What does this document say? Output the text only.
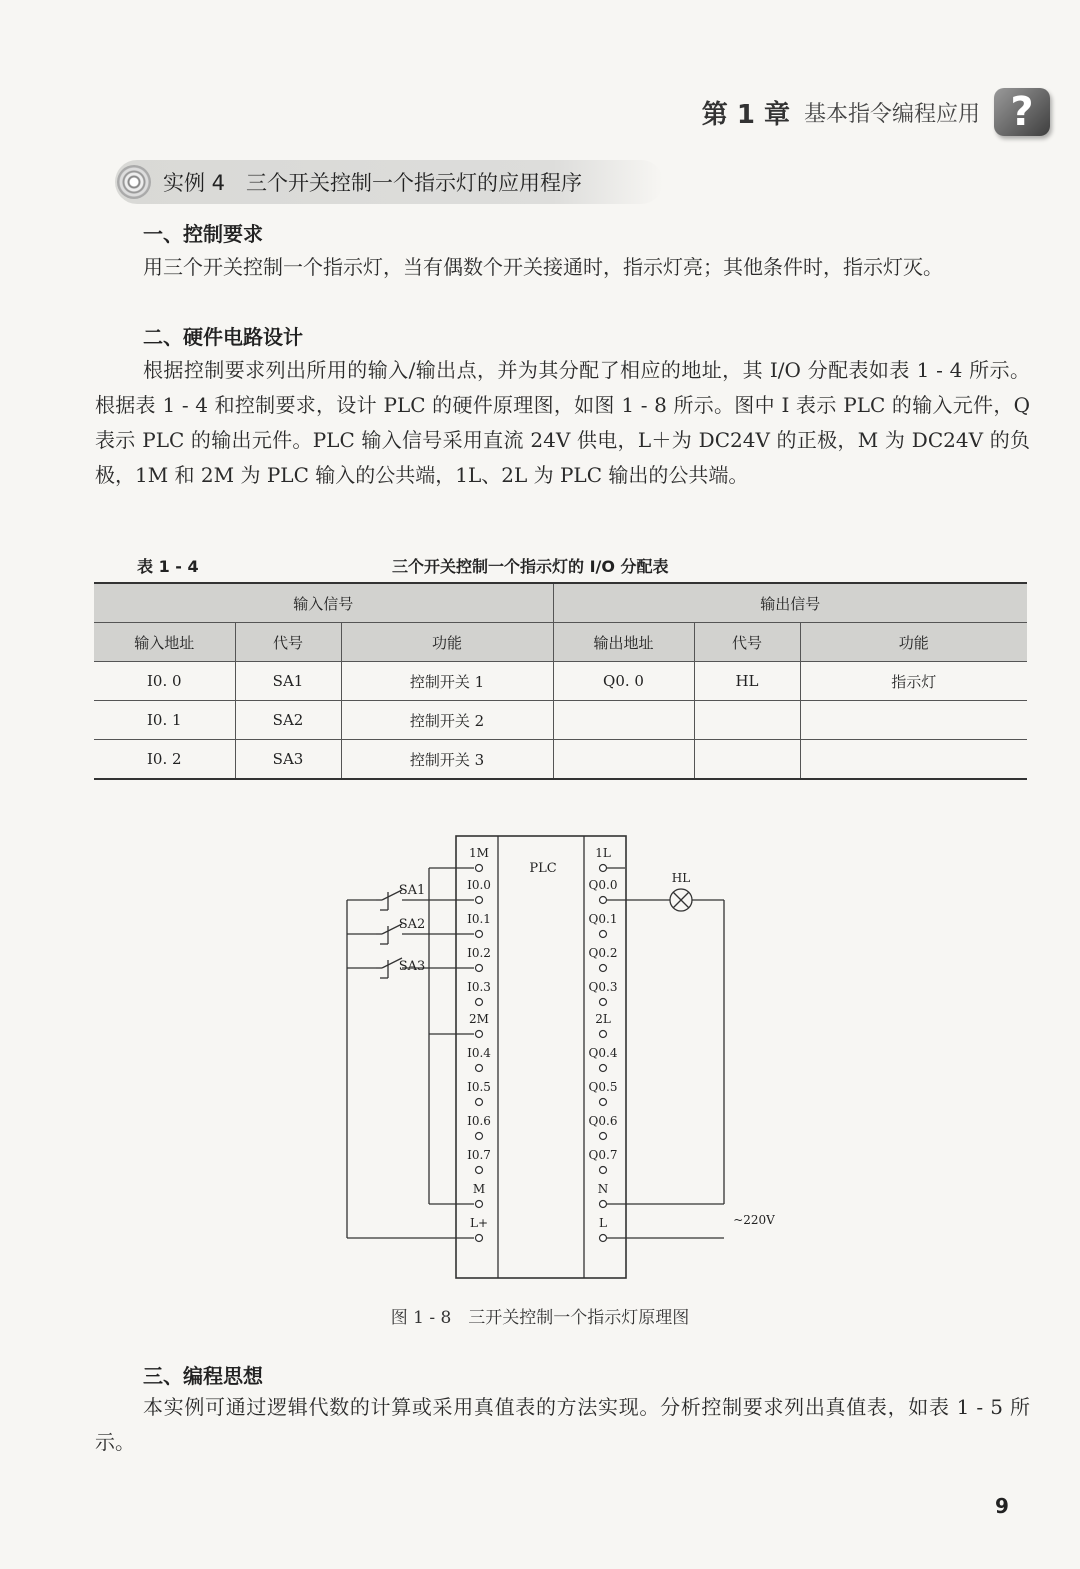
第 1 章 基本指令编程应用 ?
实例 4　三个开关控制一个指示灯的应用程序
一、控制要求

用三个开关控制一个指示灯，当有偶数个开关接通时，指示灯亮；其他条件时，指示灯灭。

二、硬件电路设计

根据控制要求列出所用的输入/输出点，并为其分配了相应的地址，其 I/O 分配表如表 1 - 4 所示。根据表 1 - 4 和控制要求，设计 PLC 的硬件原理图，如图 1 - 8 所示。图中 I 表示 PLC 的输入元件，Q 表示 PLC 的输出元件。PLC 输入信号采用直流 24V 供电，L＋为 DC24V 的正极，M 为 DC24V 的负极，1M 和 2M 为 PLC 输入的公共端，1L、2L 为 PLC 输出的公共端。

表 1 - 4	三个开关控制一个指示灯的 I/O 分配表
输入信号			输出信号		
输入地址	代号	功能	输出地址	代号	功能
I0. 0	SA1	控制开关 1	Q0. 0	HL	指示灯
I0. 1	SA2	控制开关 2			
I0. 2	SA3	控制开关 3			
PLC
1M
I0.0
I0.1
I0.2
I0.3
2M
I0.4
I0.5
I0.6
I0.7
M
L+
1L
Q0.0
Q0.1
Q0.2
Q0.3
2L
Q0.4
Q0.5
Q0.6
Q0.7
N
L
SA1
SA2
SA3
HL
~220V
图 1 - 8　三开关控制一个指示灯原理图
三、编程思想

本实例可通过逻辑代数的计算或采用真值表的方法实现。分析控制要求列出真值表，如表 1 - 5 所示。

9
